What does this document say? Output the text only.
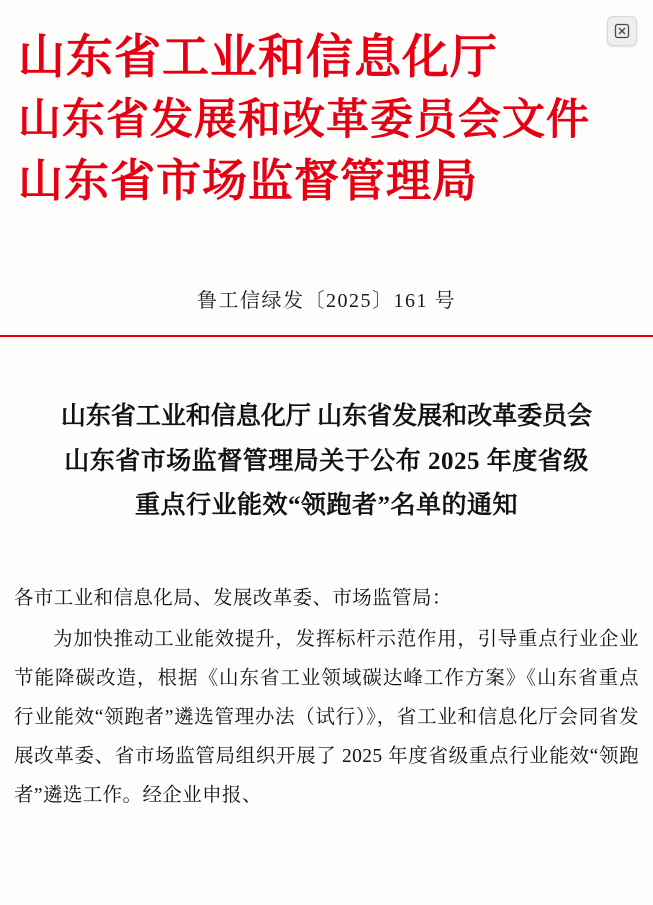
山东省工业和信息化厅
山东省发展和改革委员会文件
山东省市场监督管理局
鲁工信绿发〔2025〕161 号
山东省工业和信息化厅 山东省发展和改革委员会
山东省市场监督管理局关于公布 2025 年度省级
重点行业能效“领跑者”名单的通知

各市工业和信息化局、发展改革委、市场监管局：

为加快推动工业能效提升，发挥标杆示范作用，引导重点行业企业节能降碳改造，根据《山东省工业领域碳达峰工作方案》《山东省重点行业能效“领跑者”遴选管理办法（试行）》，省工业和信息化厅会同省发展改革委、省市场监管局组织开展了 2025 年度省级重点行业能效“领跑者”遴选工作。经企业申报、
